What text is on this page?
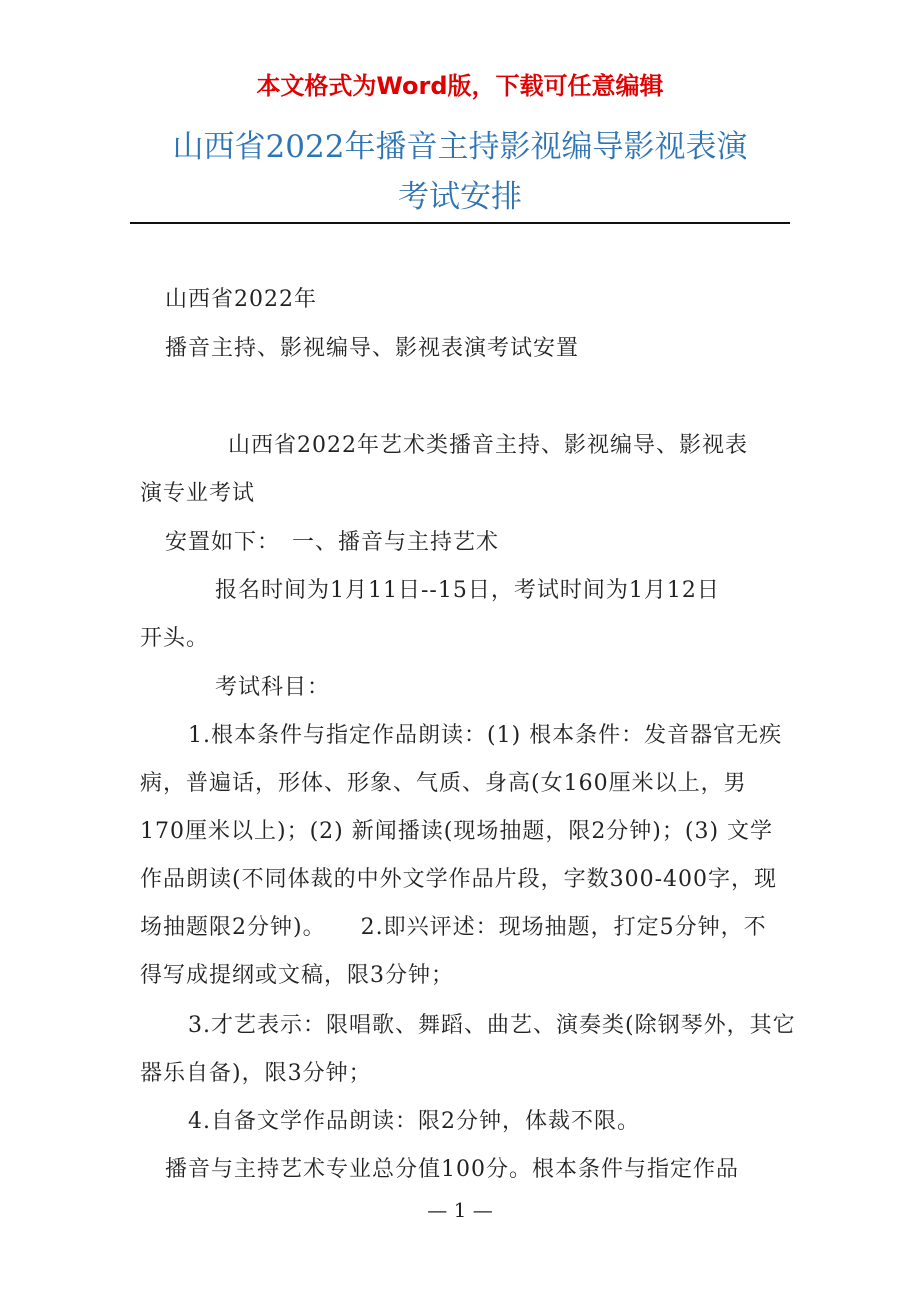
本文格式为Word版，下载可任意编辑
山西省2022年播音主持影视编导影视表演
考试安排
山西省2022年
播音主持、影视编导、影视表演考试安置
山西省2022年艺术类播音主持、影视编导、影视表
演专业考试
安置如下：　一、播音与主持艺术
报名时间为1月11日--15日，考试时间为1月12日
开头。
考试科目：
1.根本条件与指定作品朗读：(1) 根本条件：发音器官无疾病，普遍话，形体、形象、气质、身高(女160厘米以上，男170厘米以上)；(2) 新闻播读(现场抽题，限2分钟)；(3) 文学作品朗读(不同体裁的中外文学作品片段，字数300-400字，现场抽题限2分钟)。　　2.即兴评述：现场抽题，打定5分钟，不得写成提纲或文稿，限3分钟；
3.才艺表示：限唱歌、舞蹈、曲艺、演奏类(除钢琴外，其它器乐自备)，限3分钟；
4.自备文学作品朗读：限2分钟，体裁不限。
播音与主持艺术专业总分值100分。根本条件与指定作品
— 1 —
